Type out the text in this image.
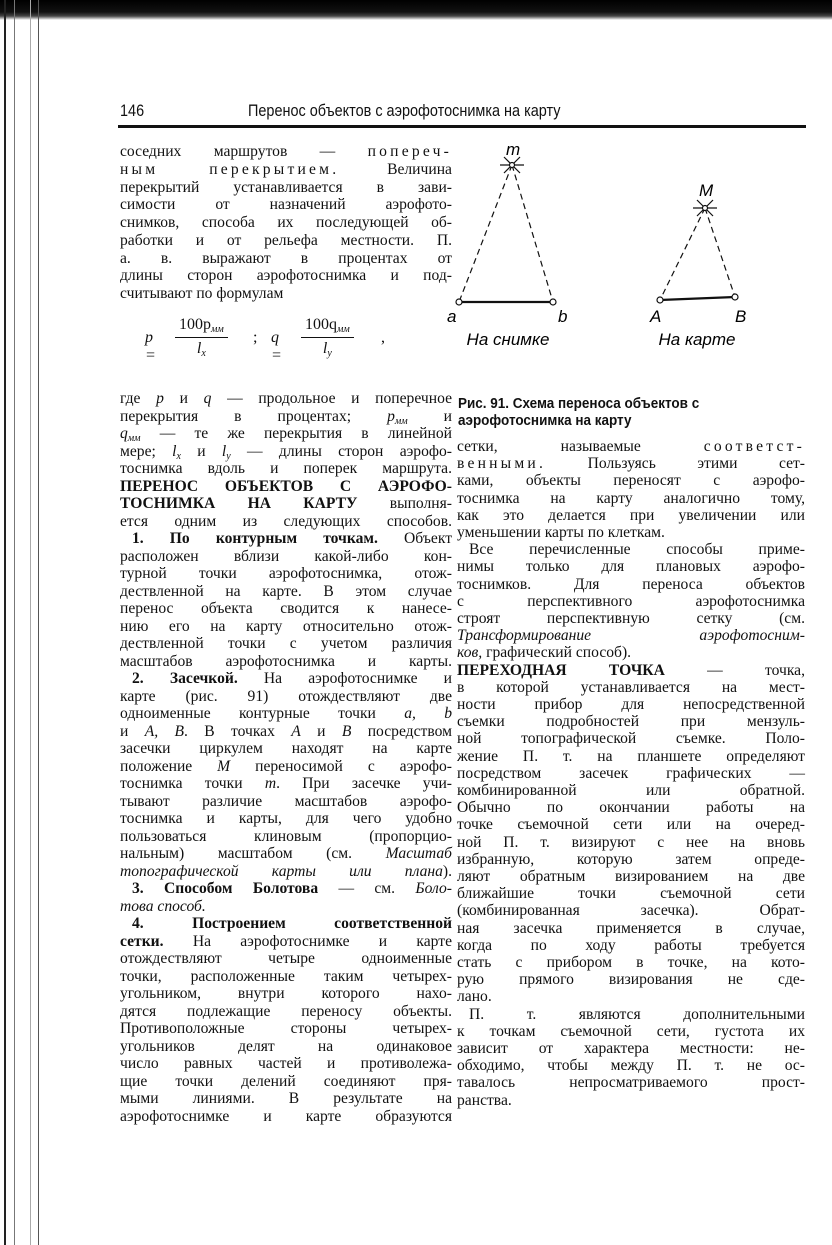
146	Перенос объектов с аэрофотоснимка на карту
соседних маршрутов — попереч-
ным перекрытием. Величина
перекрытий устанавливается в зави-
симости от назначений аэрофото-
снимков, способа их последующей об-
работки и от рельефа местности. П.
а. в. выражают в процентах от
длины сторон аэрофотоснимка и под-
считывают по формулам
p =
100pмм
lx
; q =
100qмм
ly
,
где p и q — продольное и поперечное
перекрытия в процентах; pмм и
qмм — те же перекрытия в линейной
мере; lx и ly — длины сторон аэрофо-
тоснимка вдоль и поперек маршрута.
ПЕРЕНОС ОБЪЕКТОВ С АЭРОФО-
ТОСНИМКА НА КАРТУ выполня-
ется одним из следующих способов.
1. По контурным точкам. Объект
расположен вблизи какой-либо кон-
турной точки аэрофотоснимка, отож-
дествленной на карте. В этом случае
перенос объекта сводится к нанесе-
нию его на карту относительно отож-
дествленной точки с учетом различия
масштабов аэрофотоснимка и карты.
2. Засечкой. На аэрофотоснимке и
карте (рис. 91) отождествляют две
одноименные контурные точки a, b
и A, B. В точках A и B посредством
засечки циркулем находят на карте
положение M переносимой с аэрофо-
тоснимка точки m. При засечке учи-
тывают различие масштабов аэрофо-
тоснимка и карты, для чего удобно
пользоваться клиновым (пропорцио-
нальным) масштабом (см. Масштаб
топографической карты или плана).
3. Способом Болотова — см. Боло-
това способ.
4. Построением соответственной
сетки. На аэрофотоснимке и карте
отождествляют четыре одноименные
точки, расположенные таким четырех-
угольником, внутри которого нахо-
дятся подлежащие переносу объекты.
Противоположные стороны четырех-
угольников делят на одинаковое
число равных частей и противолежа-
щие точки делений соединяют пря-
мыми линиями. В результате на
аэрофотоснимке и карте образуются
m
M
a	b	A	B
На снимке	На карте
Рис. 91. Схема переноса объектов с
аэрофотоснимка на карту
сетки, называемые соответст-
венными. Пользуясь этими сет-
ками, объекты переносят с аэрофо-
тоснимка на карту аналогично тому,
как это делается при увеличении или
уменьшении карты по клеткам.
Все перечисленные способы приме-
нимы только для плановых аэрофо-
тоснимков. Для переноса объектов
с перспективного аэрофотоснимка
строят перспективную сетку (см.
Трансформирование аэрофотосним-
ков, графический способ).
ПЕРЕХОДНАЯ ТОЧКА — точка,
в которой устанавливается на мест-
ности прибор для непосредственной
съемки подробностей при мензуль-
ной топографической съемке. Поло-
жение П. т. на планшете определяют
посредством засечек графических —
комбинированной или обратной.
Обычно по окончании работы на
точке съемочной сети или на очеред-
ной П. т. визируют с нее на вновь
избранную, которую затем опреде-
ляют обратным визированием на две
ближайшие точки съемочной сети
(комбинированная засечка). Обрат-
ная засечка применяется в случае,
когда по ходу работы требуется
стать с прибором в точке, на кото-
рую прямого визирования не сде-
лано.
П. т. являются дополнительными
к точкам съемочной сети, густота их
зависит от характера местности: не-
обходимо, чтобы между П. т. не ос-
тавалось непросматриваемого прост-
ранства.
